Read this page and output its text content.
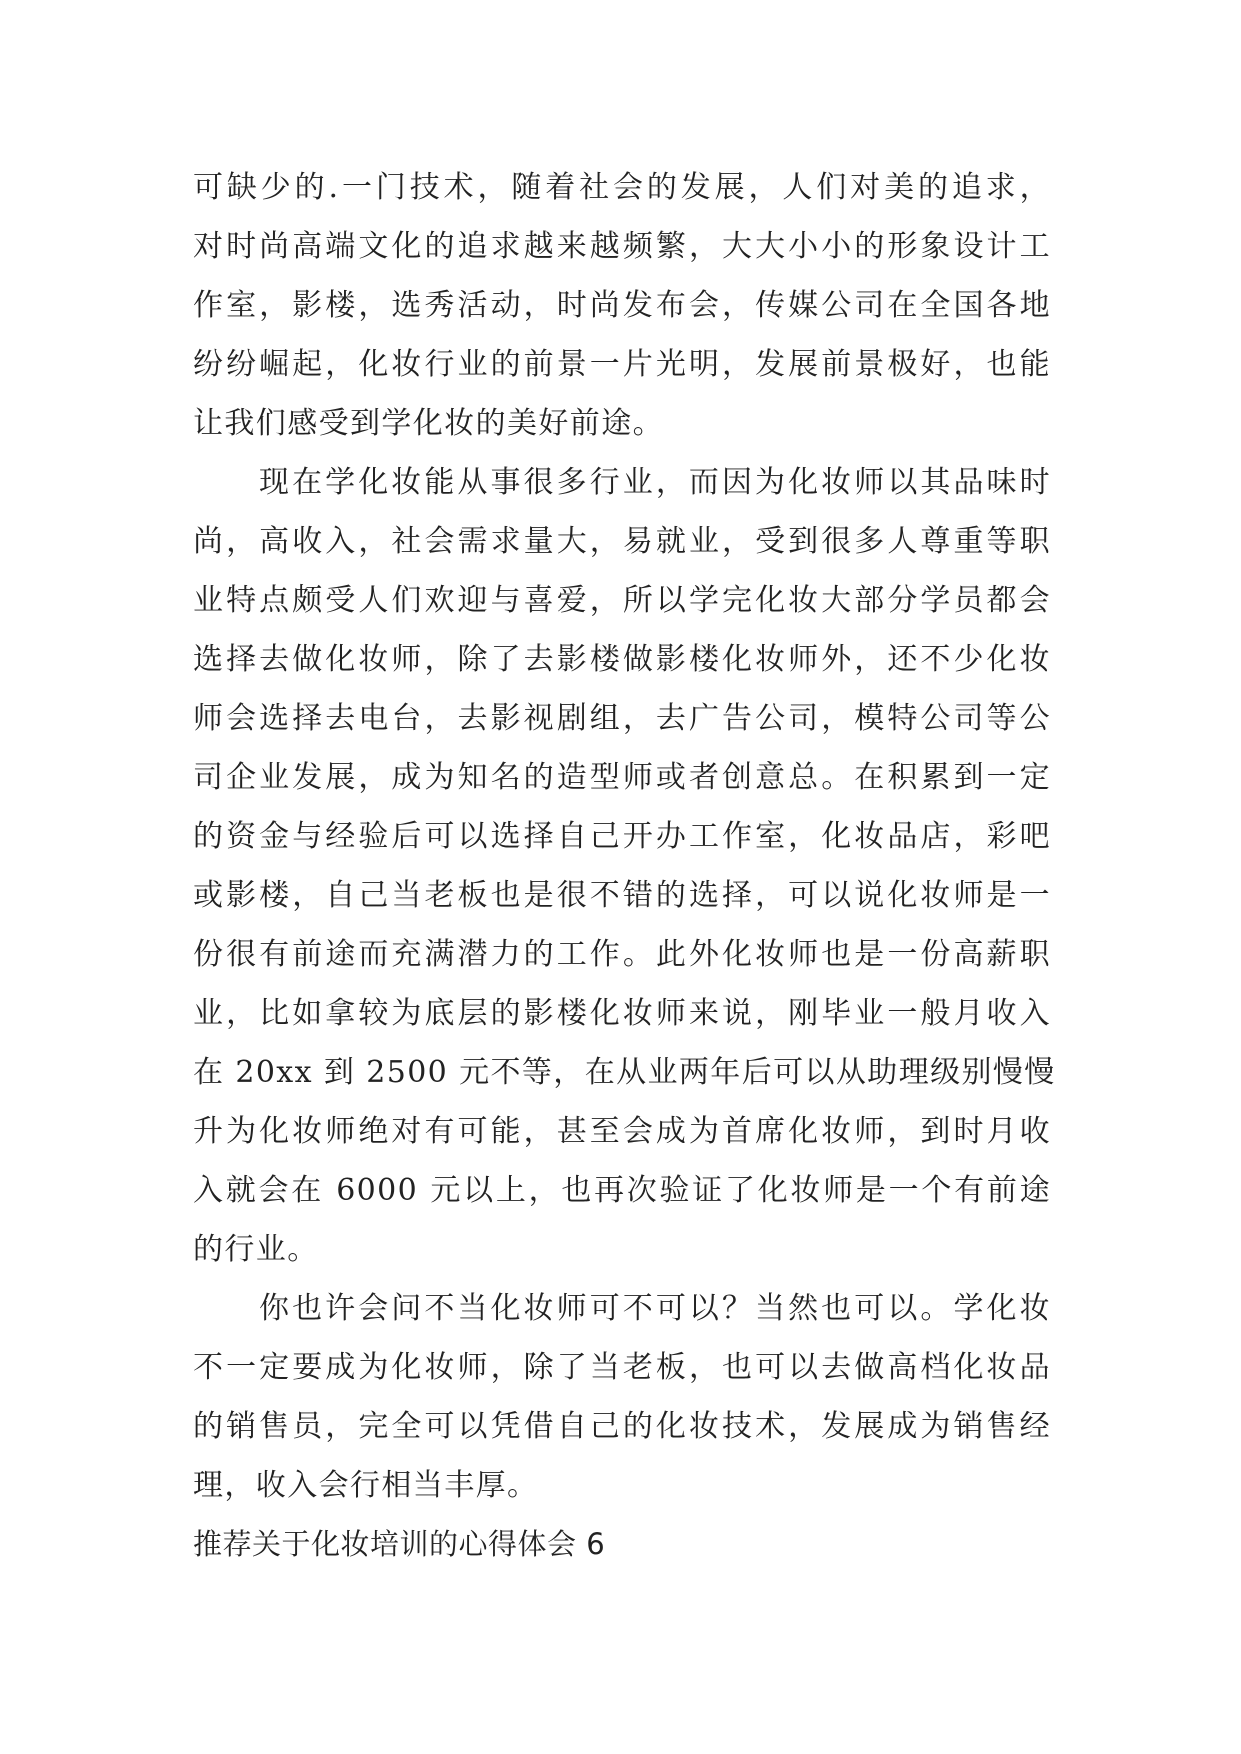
可缺少的.一门技术，随着社会的发展，人们对美的追求，
对时尚高端文化的追求越来越频繁，大大小小的形象设计工
作室，影楼，选秀活动，时尚发布会，传媒公司在全国各地
纷纷崛起，化妆行业的前景一片光明，发展前景极好，也能
让我们感受到学化妆的美好前途。
现在学化妆能从事很多行业，而因为化妆师以其品味时
尚，高收入，社会需求量大，易就业，受到很多人尊重等职
业特点颇受人们欢迎与喜爱，所以学完化妆大部分学员都会
选择去做化妆师，除了去影楼做影楼化妆师外，还不少化妆
师会选择去电台，去影视剧组，去广告公司，模特公司等公
司企业发展，成为知名的造型师或者创意总。在积累到一定
的资金与经验后可以选择自己开办工作室，化妆品店，彩吧
或影楼，自己当老板也是很不错的选择，可以说化妆师是一
份很有前途而充满潜力的工作。此外化妆师也是一份高薪职
业，比如拿较为底层的影楼化妆师来说，刚毕业一般月收入
在 20xx 到 2500 元不等，在从业两年后可以从助理级别慢慢
升为化妆师绝对有可能，甚至会成为首席化妆师，到时月收
入就会在 6000 元以上，也再次验证了化妆师是一个有前途
的行业。
你也许会问不当化妆师可不可以？当然也可以。学化妆
不一定要成为化妆师，除了当老板，也可以去做高档化妆品
的销售员，完全可以凭借自己的化妆技术，发展成为销售经
理，收入会行相当丰厚。
推荐关于化妆培训的心得体会 6
